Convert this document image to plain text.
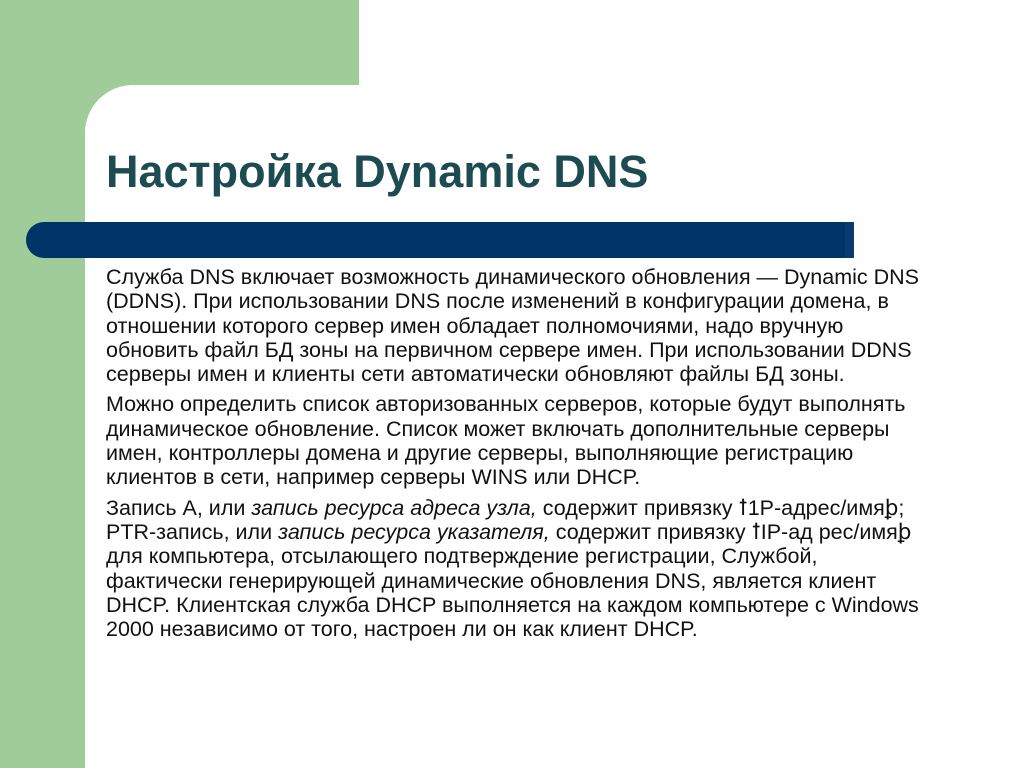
Настройка Dynamic DNS

Служба DNS включает возможность динамического обновления — Dynamic DNS (DDNS). При использовании DNS после изменений в конфигурации домена, в отношении которого сервер имен обладает полномочиями, надо вручную обновить файл БД зоны на первичном сервере имен. При использовании DDNS серверы имен и клиенты сети автоматически обновляют файлы БД зоны.

Можно определить список авторизованных серверов, которые будут выполнять динамическое обновление. Список может включать дополнительные серверы имен, контроллеры домена и другие серверы, выполняющие регистрацию клиентов в сети, например серверы WINS или DHCP.

Запись А, или запись ресурса адреса узла, содержит привязку ꝉ1Р-адрес/имяꝧ; PTR-запись, или запись ресурса указателя, содержит привязку ꝉIP-ад рес/имяꝧ для компьютера, отсылающего подтверждение регистрации, Службой, фактически генерирующей динамические обновления DNS, является клиент DHCP. Клиентская служба DHCP выполняется на каждом компьютере с Windows 2000 независимо от того, настроен ли он как клиент DHCP.
